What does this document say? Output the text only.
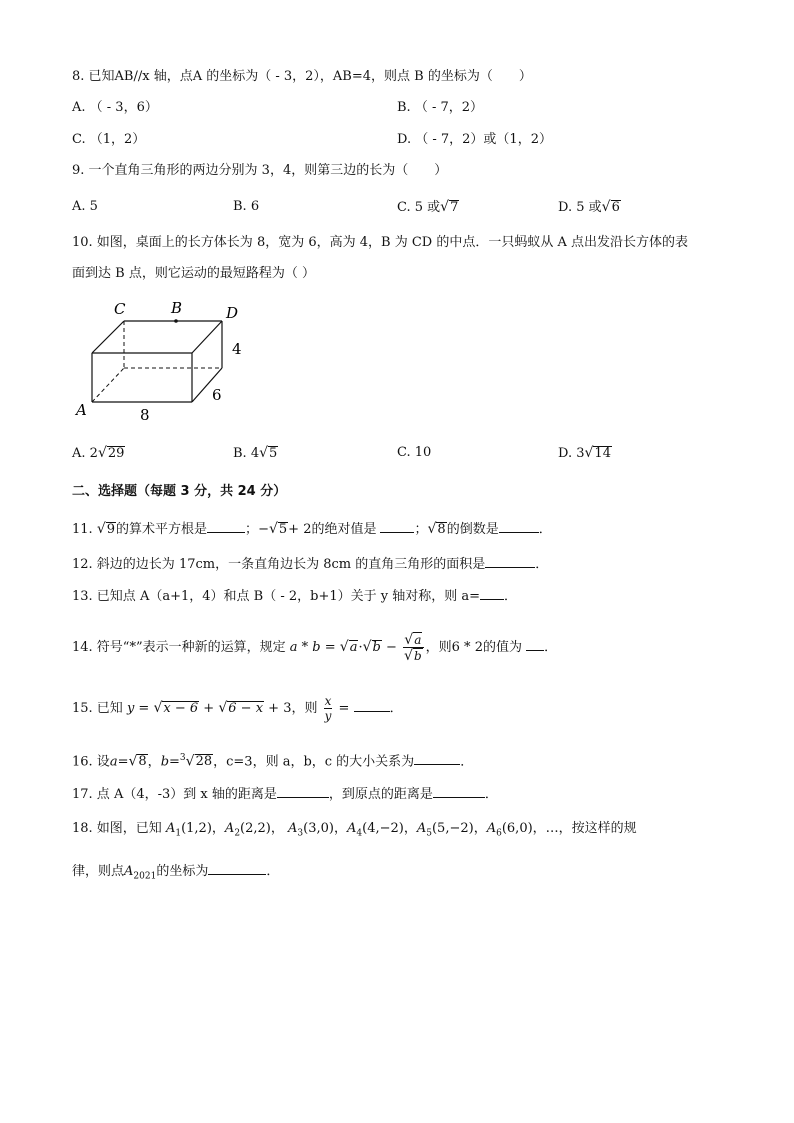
8. 已知AB//x 轴，点A 的坐标为（ - 3，2），AB=4，则点 B 的坐标为（　　）
A. （ - 3，6）	B. （ - 7，2）
C. （1，2）	D. （ - 7，2）或（1，2）
9. 一个直角三角形的两边分别为 3，4，则第三边的长为（　　）
A. 5	B. 6	C. 5 或√7	D. 5 或√6
10. 如图，桌面上的长方体长为 8，宽为 6，高为 4，B 为 CD 的中点．一只蚂蚁从 A 点出发沿长方体的表
面到达 B 点，则它运动的最短路程为（ ）
C	B	D
4
6
A	8
A. 2√29	B. 4√5	C. 10	D. 3√14
二、选择题（每题 3 分，共 24 分）
11. √9的算术平方根是	；−√5+ 2的绝对值是	；√8的倒数是	．
12. 斜边的边长为 17cm，一条直角边长为 8cm 的直角三角形的面积是	．
13. 已知点 A（a+1，4）和点 B（ - 2，b+1）关于 y 轴对称，则 a= ．
14. 符号“*”表示一种新的运算，规定 $a * b = √a\cdot√b - \frac{√a}{√b}$ ，则6 * 2的值为 ．
15. 已知 y = √x − 6 + √6 − x + 3，则 $\frac{x}{y}$ =	．
16. 设a=√8，b=$^3$√28，c=3，则 a，b，c 的大小关系为	．
17. 点 A（4，-3）到 x 轴的距离是	，到原点的距离是	．
18. 如图，已知 $A_1(1,2)$，$A_2(2,2)$， $A_3(3,0)$，$A_4(4,-2)$，$A_5(5,-2)$，$A_6(6,0)$，…，按这样的规
律，则点$A_{2021}$的坐标为	．
